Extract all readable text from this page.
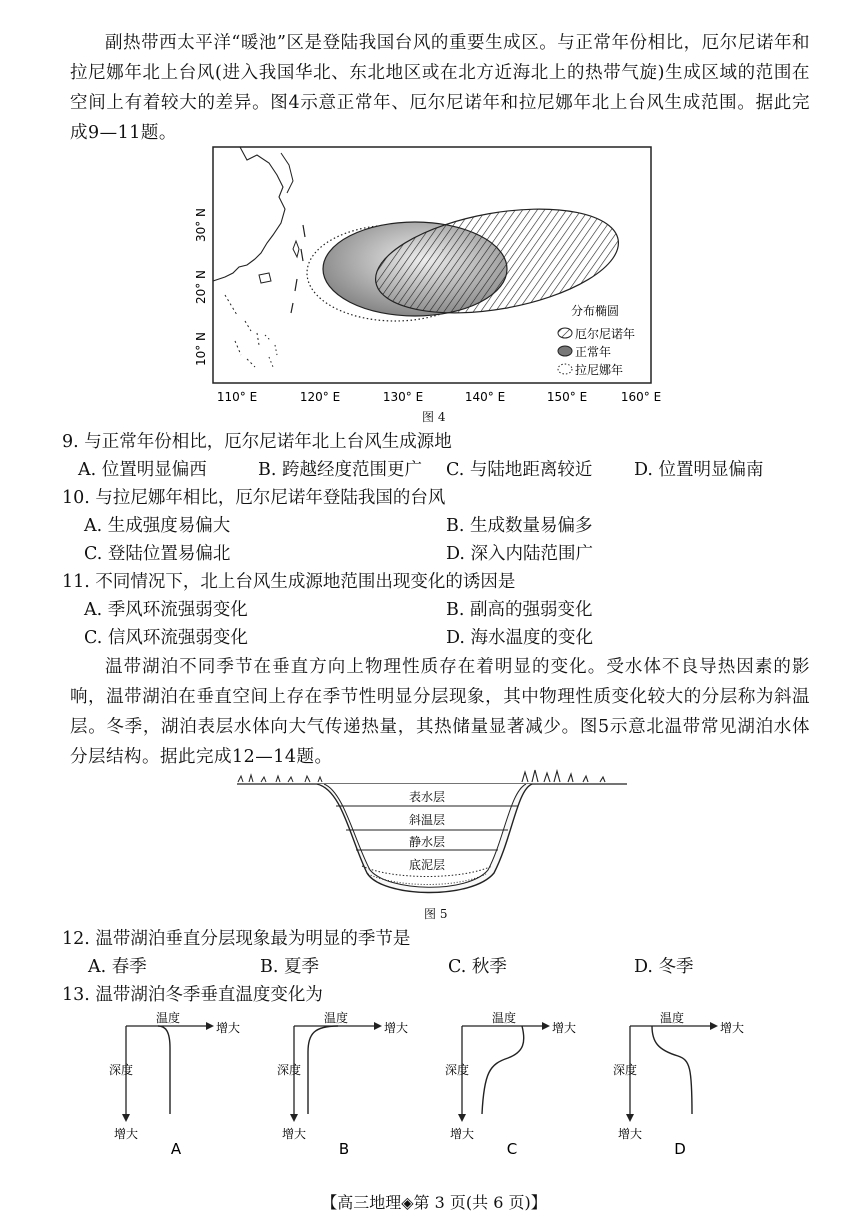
副热带西太平洋“暖池”区是登陆我国台风的重要生成区。与正常年份相比，厄尔尼诺年和拉尼娜年北上台风(进入我国华北、东北地区或在北方近海北上的热带气旋)生成区域的范围在空间上有着较大的差异。图4示意正常年、厄尔尼诺年和拉尼娜年北上台风生成范围。据此完成9—11题。
分布椭圆
厄尔尼诺年
正常年
拉尼娜年
30° N
20° N
10° N
110° E	120° E	130° E	140° E	150° E	160° E
图 4
9. 与正常年份相比，厄尔尼诺年北上台风生成源地
A. 位置明显偏西	B. 跨越经度范围更广 C. 与陆地距离较近 D. 位置明显偏南
10. 与拉尼娜年相比，厄尔尼诺年登陆我国的台风
A. 生成强度易偏大	B. 生成数量易偏多
C. 登陆位置易偏北	D. 深入内陆范围广
11. 不同情况下，北上台风生成源地范围出现变化的诱因是
A. 季风环流强弱变化	B. 副高的强弱变化
C. 信风环流强弱变化	D. 海水温度的变化
温带湖泊不同季节在垂直方向上物理性质存在着明显的变化。受水体不良导热因素的影响，温带湖泊在垂直空间上存在季节性明显分层现象，其中物理性质变化较大的分层称为斜温层。冬季，湖泊表层水体向大气传递热量，其热储量显著减少。图5示意北温带常见湖泊水体分层结构。据此完成12—14题。
表水层
斜温层
静水层
底泥层
图 5
12. 温带湖泊垂直分层现象最为明显的季节是
A. 春季	B. 夏季	C. 秋季	D. 冬季
13. 温带湖泊冬季垂直温度变化为
温度
增大
深度
增大
A
温度
增大
深度
增大
B
温度
增大
深度
增大
C
温度
增大
深度
增大
D
【高三地理◈第 3 页(共 6 页)】
